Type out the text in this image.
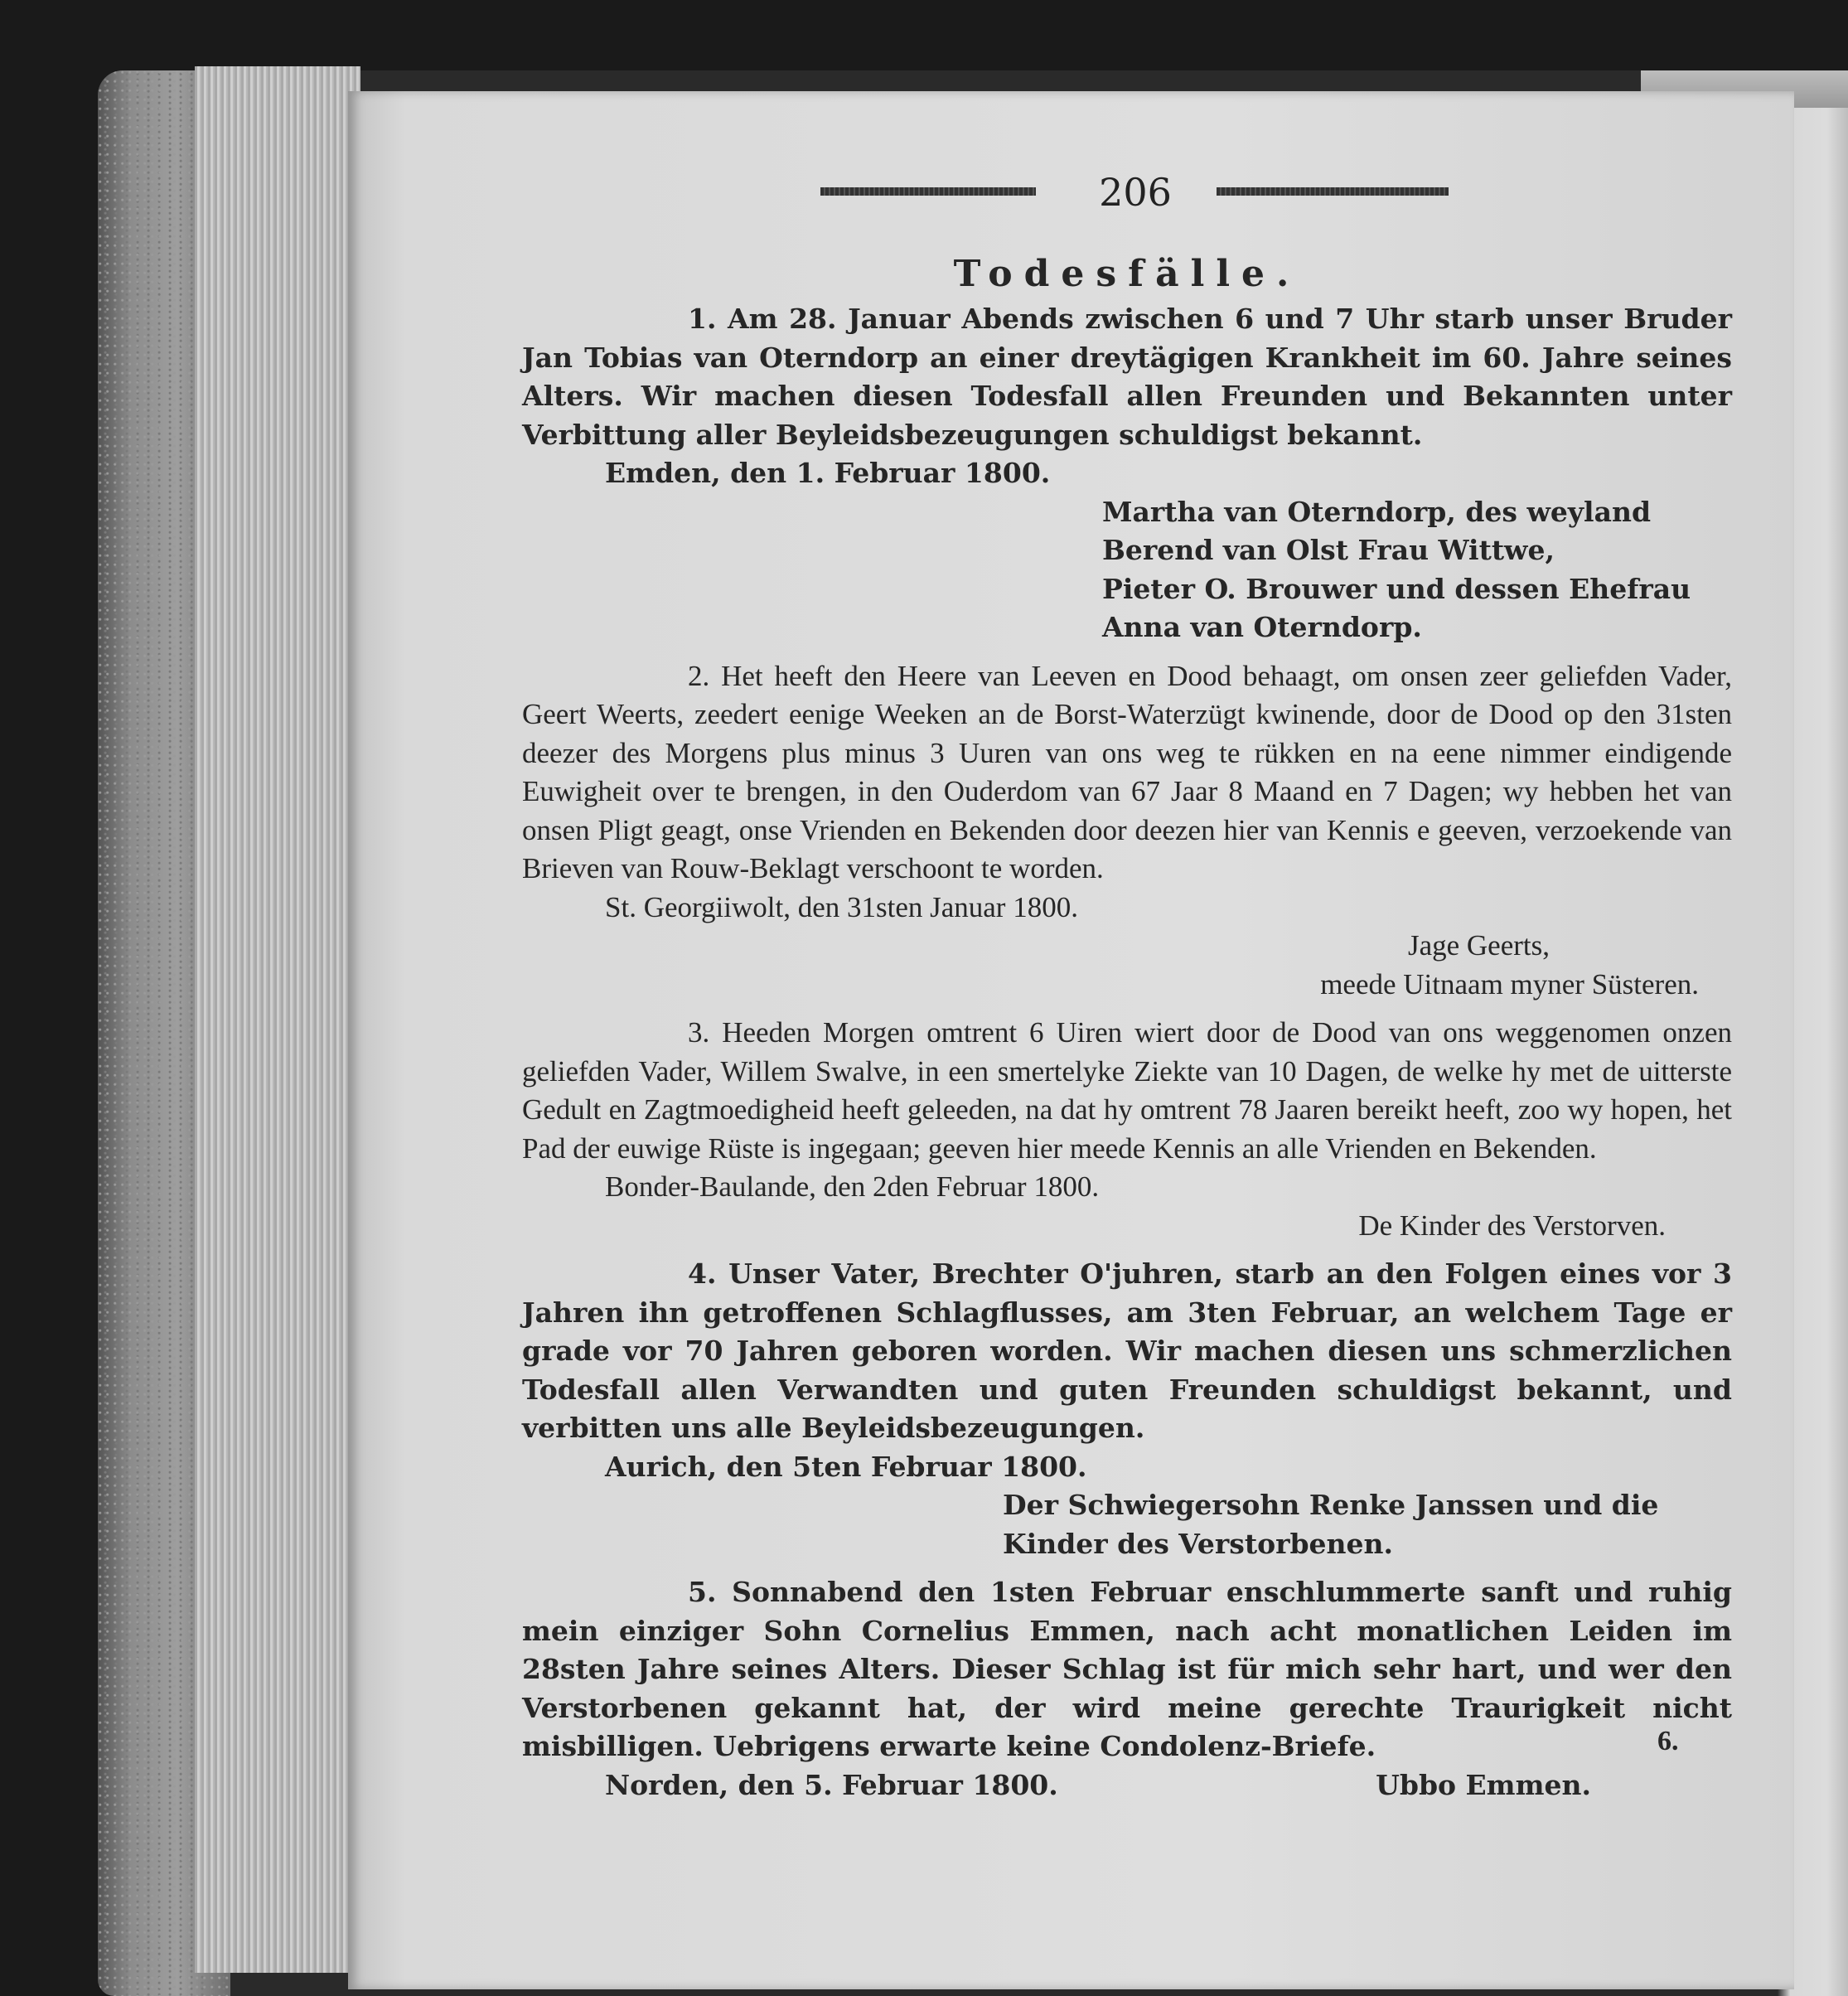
206
Todesfälle.

1. Am 28. Januar Abends zwischen 6 und 7 Uhr starb unser Bruder Jan Tobias van Oterndorp an einer dreytägigen Krankheit im 60. Jahre seines Alters. Wir machen diesen Todesfall allen Freunden und Bekannten unter Verbittung aller Beyleidsbezeugungen schuldigst bekannt.

Emden, den 1. Februar 1800.

Martha van Oterndorp, des weyland Berend van Olst Frau Wittwe,

Pieter O. Brouwer und dessen Ehefrau Anna van Oterndorp.

2. Het heeft den Heere van Leeven en Dood behaagt, om onsen zeer geliefden Vader, Geert Weerts, zeedert eenige Weeken an de Borst-Waterzügt kwinende, door de Dood op den 31sten deezer des Morgens plus minus 3 Uuren van ons weg te rükken en na eene nimmer eindigende Euwigheit over te brengen, in den Ouderdom van 67 Jaar 8 Maand en 7 Dagen; wy hebben het van onsen Pligt geagt, onse Vrienden en Bekenden door deezen hier van Kennis e geeven, verzoekende van Brieven van Rouw-Beklagt verschoont te worden.

St. Georgiiwolt, den 31sten Januar 1800.

Jage Geerts,

meede Uitnaam myner Süsteren.

3. Heeden Morgen omtrent 6 Uiren wiert door de Dood van ons weggenomen onzen geliefden Vader, Willem Swalve, in een smertelyke Ziekte van 10 Dagen, de welke hy met de uitterste Gedult en Zagtmoedigheid heeft geleeden, na dat hy omtrent 78 Jaaren bereikt heeft, zoo wy hopen, het Pad der euwige Rüste is ingegaan; geeven hier meede Kennis an alle Vrienden en Bekenden.

Bonder-Baulande, den 2den Februar 1800.

De Kinder des Verstorven.

4. Unser Vater, Brechter O'juhren, starb an den Folgen eines vor 3 Jahren ihn getroffenen Schlagflusses, am 3ten Februar, an welchem Tage er grade vor 70 Jahren geboren worden. Wir machen diesen uns schmerzlichen Todesfall allen Verwandten und guten Freunden schuldigst bekannt, und verbitten uns alle Beyleidsbezeugungen.

Aurich, den 5ten Februar 1800.

Der Schwiegersohn Renke Janssen und die Kinder des Verstorbenen.

5. Sonnabend den 1sten Februar enschlummerte sanft und ruhig mein einziger Sohn Cornelius Emmen, nach acht monatlichen Leiden im 28sten Jahre seines Alters. Dieser Schlag ist für mich sehr hart, und wer den Verstorbenen gekannt hat, der wird meine gerechte Traurigkeit nicht misbilligen. Uebrigens erwarte keine Condolenz-Briefe.

Norden, den 5. Februar 1800.	Ubbo Emmen.

6.
